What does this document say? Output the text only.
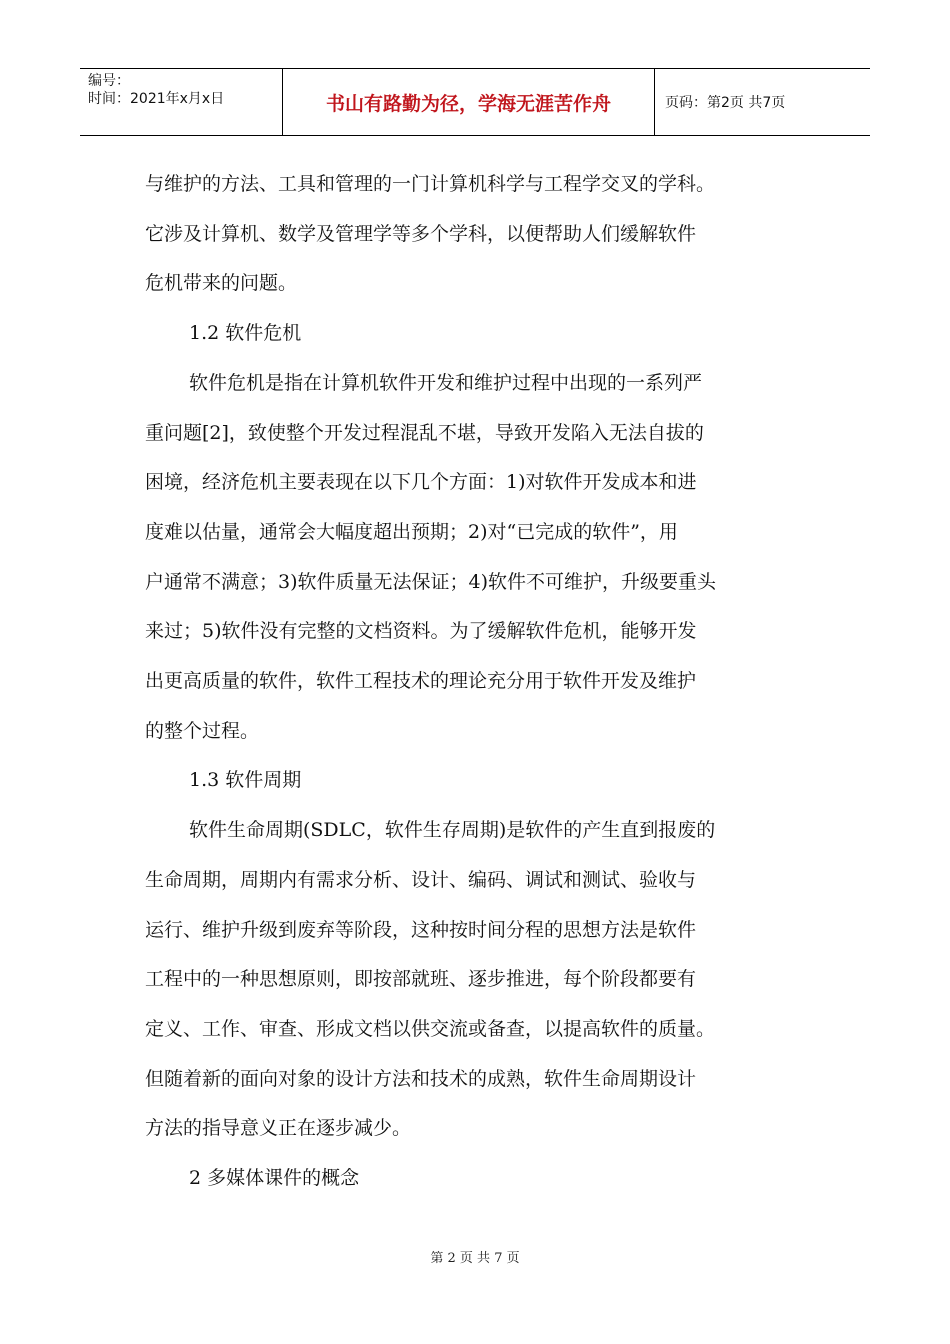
编号：
时间：2021年x月x日	书山有路勤为径，学海无涯苦作舟	页码：第2页 共7页

与维护的方法、工具和管理的一门计算机科学与工程学交叉的学科。

它涉及计算机、数学及管理学等多个学科，以便帮助人们缓解软件

危机带来的问题。

1.2 软件危机

软件危机是指在计算机软件开发和维护过程中出现的一系列严

重问题[2]，致使整个开发过程混乱不堪，导致开发陷入无法自拔的

困境，经济危机主要表现在以下几个方面：1)对软件开发成本和进

度难以估量，通常会大幅度超出预期；2)对“已完成的软件”，用

户通常不满意；3)软件质量无法保证；4)软件不可维护，升级要重头

来过；5)软件没有完整的文档资料。为了缓解软件危机，能够开发

出更高质量的软件，软件工程技术的理论充分用于软件开发及维护

的整个过程。

1.3 软件周期

软件生命周期(SDLC，软件生存周期)是软件的产生直到报废的

生命周期，周期内有需求分析、设计、编码、调试和测试、验收与

运行、维护升级到废弃等阶段，这种按时间分程的思想方法是软件

工程中的一种思想原则，即按部就班、逐步推进，每个阶段都要有

定义、工作、审查、形成文档以供交流或备查，以提高软件的质量。

但随着新的面向对象的设计方法和技术的成熟，软件生命周期设计

方法的指导意义正在逐步减少。

2 多媒体课件的概念

第 2 页 共 7 页
